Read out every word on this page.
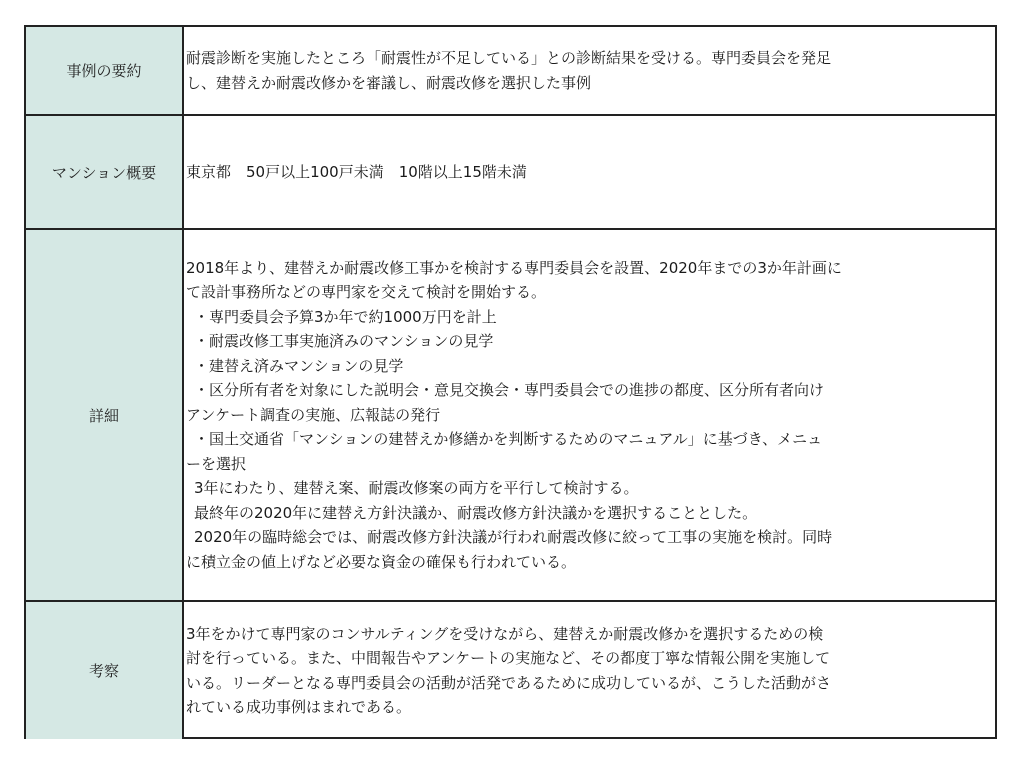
事例の要約
耐震診断を実施したところ「耐震性が不足している」との診断結果を受ける。専門委員会を発足
し、建替えか耐震改修かを審議し、耐震改修を選択した事例
マンション概要	東京都　50戸以上100戸未満　10階以上15階未満
詳細
2018年より、建替えか耐震改修工事かを検討する専門委員会を設置、2020年までの3か年計画に
て設計事務所などの専門家を交えて検討を開始する。
・専門委員会予算3か年で約1000万円を計上
・耐震改修工事実施済みのマンションの見学
・建替え済みマンションの見学
・区分所有者を対象にした説明会・意見交換会・専門委員会での進捗の都度、区分所有者向け
アンケート調査の実施、広報誌の発行
・国土交通省「マンションの建替えか修繕かを判断するためのマニュアル」に基づき、メニュ
ーを選択
3年にわたり、建替え案、耐震改修案の両方を平行して検討する。
最終年の2020年に建替え方針決議か、耐震改修方針決議かを選択することとした。
2020年の臨時総会では、耐震改修方針決議が行われ耐震改修に絞って工事の実施を検討。同時
に積立金の値上げなど必要な資金の確保も行われている。
考察
3年をかけて専門家のコンサルティングを受けながら、建替えか耐震改修かを選択するための検
討を行っている。また、中間報告やアンケートの実施など、その都度丁寧な情報公開を実施して
いる。リーダーとなる専門委員会の活動が活発であるために成功しているが、こうした活動がさ
れている成功事例はまれである。
